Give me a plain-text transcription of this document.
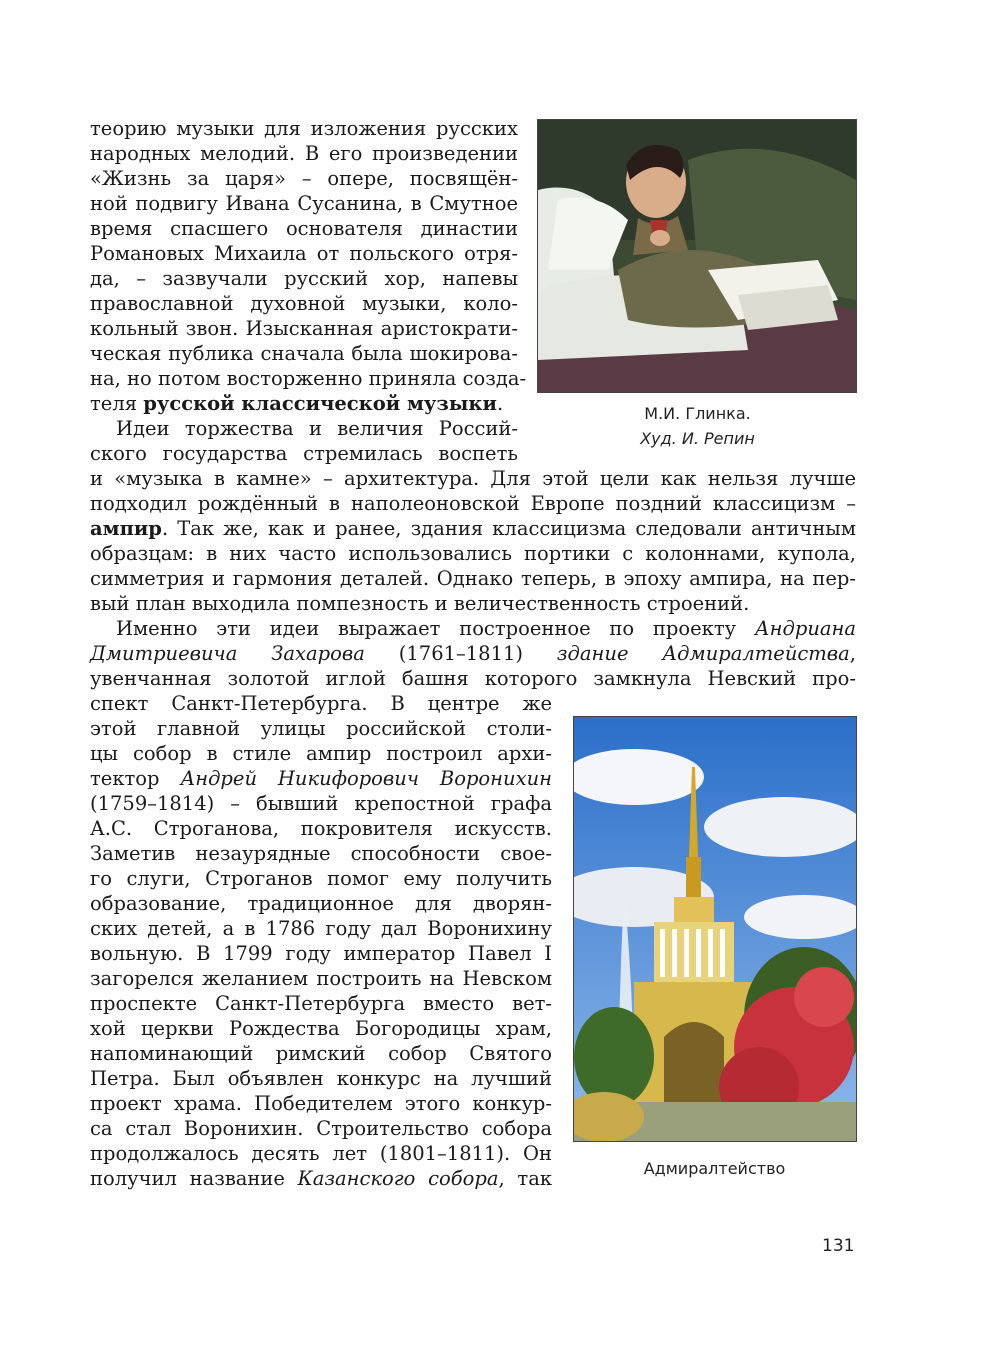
теорию музыки для изложения русских
народных мелодий. В его произведении
«Жизнь за царя» – опере, посвящён-
ной подвигу Ивана Сусанина, в Смутное
время спасшего основателя династии
Романовых Михаила от польского отря-
да, – зазвучали русский хор, напевы
православной духовной музыки, коло-
кольный звон. Изысканная аристократи-
ческая публика сначала была шокирова-
на, но потом восторженно приняла созда-
теля русской классической музыки.
Идеи торжества и величия Россий-
ского государства стремилась воспеть
и «музыка в камне» – архитектура. Для этой цели как нельзя лучше
подходил рождённый в наполеоновской Европе поздний классицизм –
ампир. Так же, как и ранее, здания классицизма следовали античным
образцам: в них часто использовались портики с колоннами, купола,
симметрия и гармония деталей. Однако теперь, в эпоху ампира, на пер-
вый план выходила помпезность и величественность строений.
Именно эти идеи выражает построенное по проекту Андриана
Дмитриевича Захарова (1761–1811) здание Адмиралтейства,
увенчанная золотой иглой башня которого замкнула Невский про-
спект Санкт-Петербурга. В центре же
этой главной улицы российской столи-
цы собор в стиле ампир построил архи-
тектор Андрей Никифорович Воронихин
(1759–1814) – бывший крепостной графа
А.С. Строганова, покровителя искусств.
Заметив незаурядные способности свое-
го слуги, Строганов помог ему получить
образование, традиционное для дворян-
ских детей, а в 1786 году дал Воронихину
вольную. В 1799 году император Павел I
загорелся желанием построить на Невском
проспекте Санкт-Петербурга вместо вет-
хой церкви Рождества Богородицы храм,
напоминающий римский собор Святого
Петра. Был объявлен конкурс на лучший
проект храма. Победителем этого конкур-
са стал Воронихин. Строительство собора
продолжалось десять лет (1801–1811). Он
получил название Казанского собора, так
М.И. Глинка.
Худ. И. Репин
Адмиралтейство
131
